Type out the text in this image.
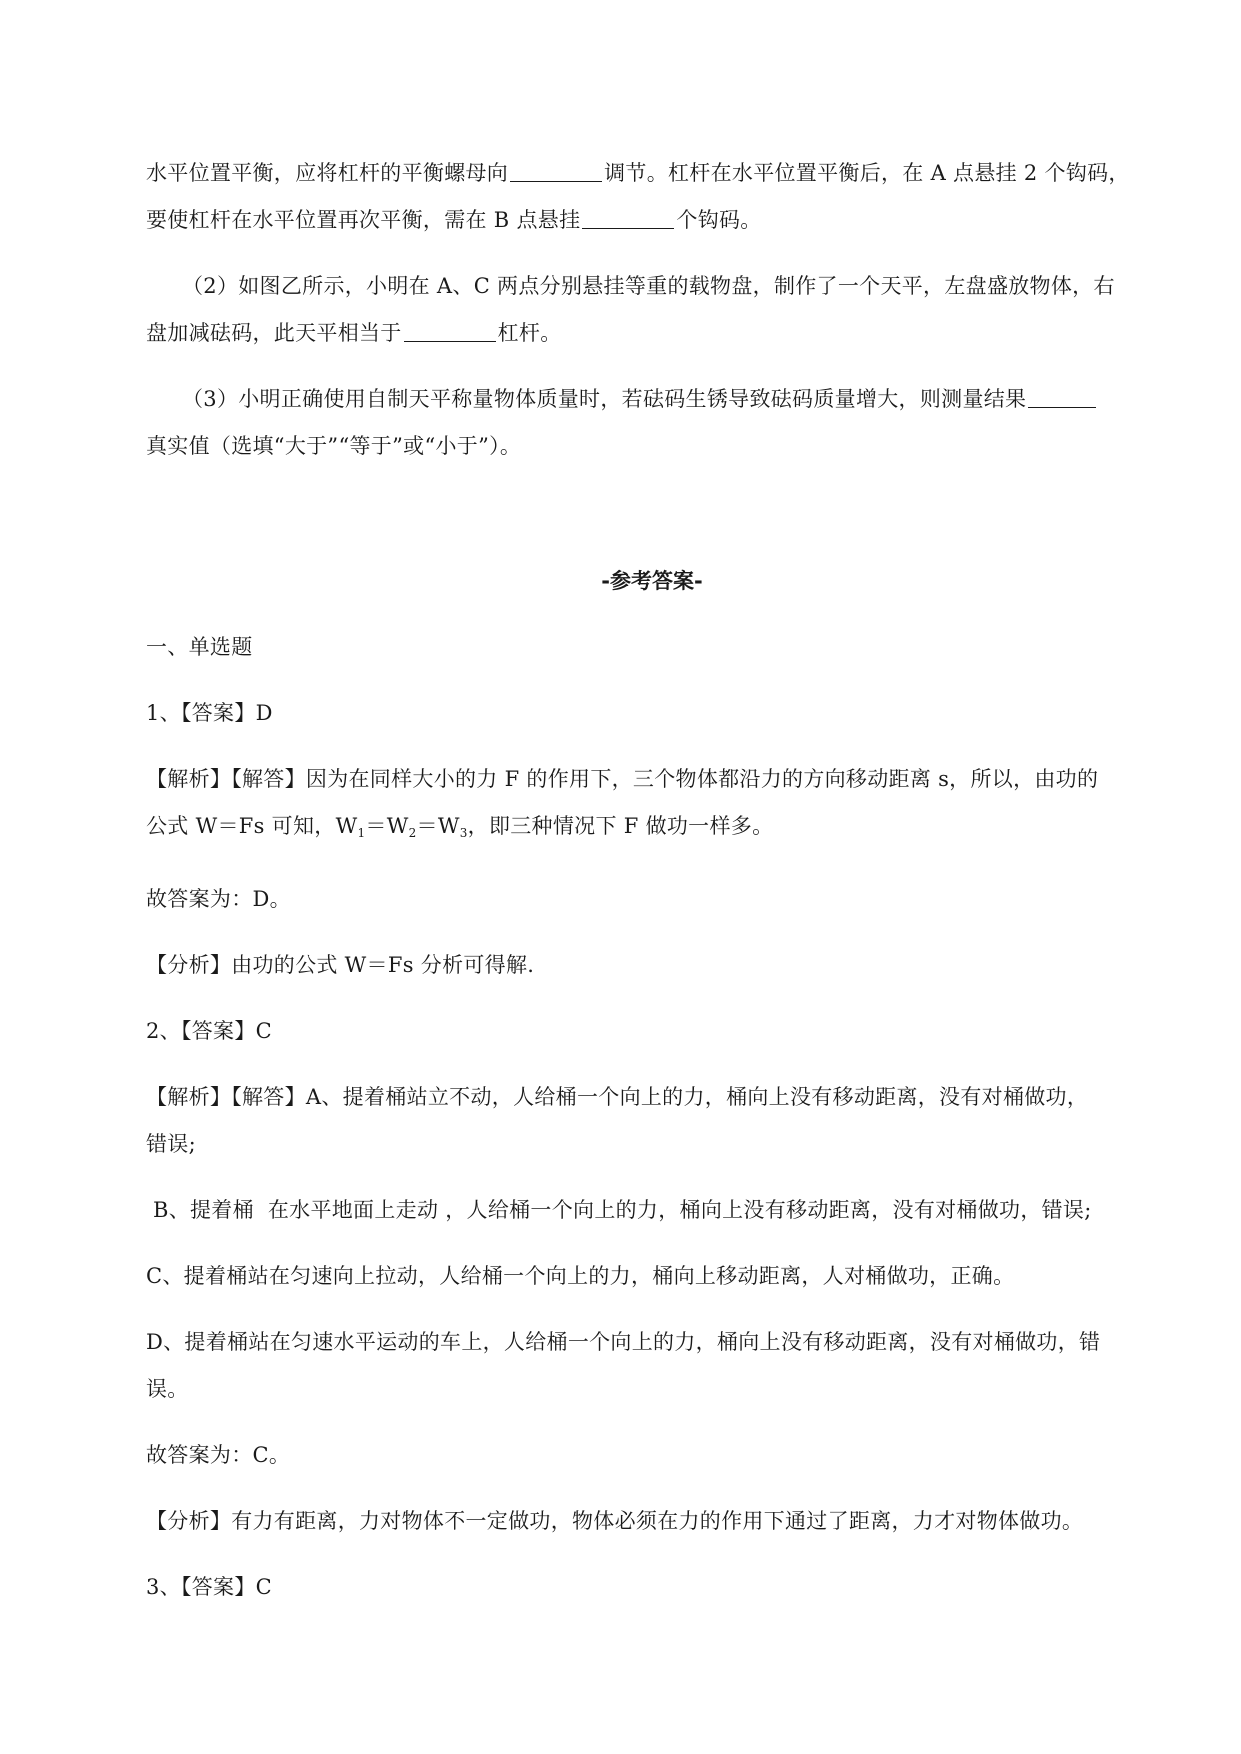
水平位置平衡，应将杠杆的平衡螺母向	调节。杠杆在水平位置平衡后，在 A 点悬挂 2 个钩码，
要使杠杆在水平位置再次平衡，需在 B 点悬挂	个钩码。
（2）如图乙所示，小明在 A、C 两点分别悬挂等重的载物盘，制作了一个天平，左盘盛放物体，右
盘加减砝码，此天平相当于	杠杆。
（3）小明正确使用自制天平称量物体质量时，若砝码生锈导致砝码质量增大，则测量结果
真实值（选填“大于”“等于”或“小于”）。
-参考答案-
一、单选题
1、【答案】D
【解析】【解答】因为在同样大小的力 F 的作用下，三个物体都沿力的方向移动距离 s，所以，由功的
公式 W＝Fs 可知，$W_1=W_2=W_3$，即三种情况下 F 做功一样多。
故答案为：D。
【分析】由功的公式 W＝Fs 分析可得解.
2、【答案】C
【解析】【解答】A、提着桶站立不动，人给桶一个向上的力，桶向上没有移动距离，没有对桶做功，
错误;
B、提着桶  在水平地面上走动 ，人给桶一个向上的力，桶向上没有移动距离，没有对桶做功，错误;
C、提着桶站在匀速向上拉动，人给桶一个向上的力，桶向上移动距离，人对桶做功，正确。
D、提着桶站在匀速水平运动的车上，人给桶一个向上的力，桶向上没有移动距离，没有对桶做功，错
误。
故答案为：C。
【分析】有力有距离，力对物体不一定做功，物体必须在力的作用下通过了距离，力才对物体做功。
3、【答案】C
